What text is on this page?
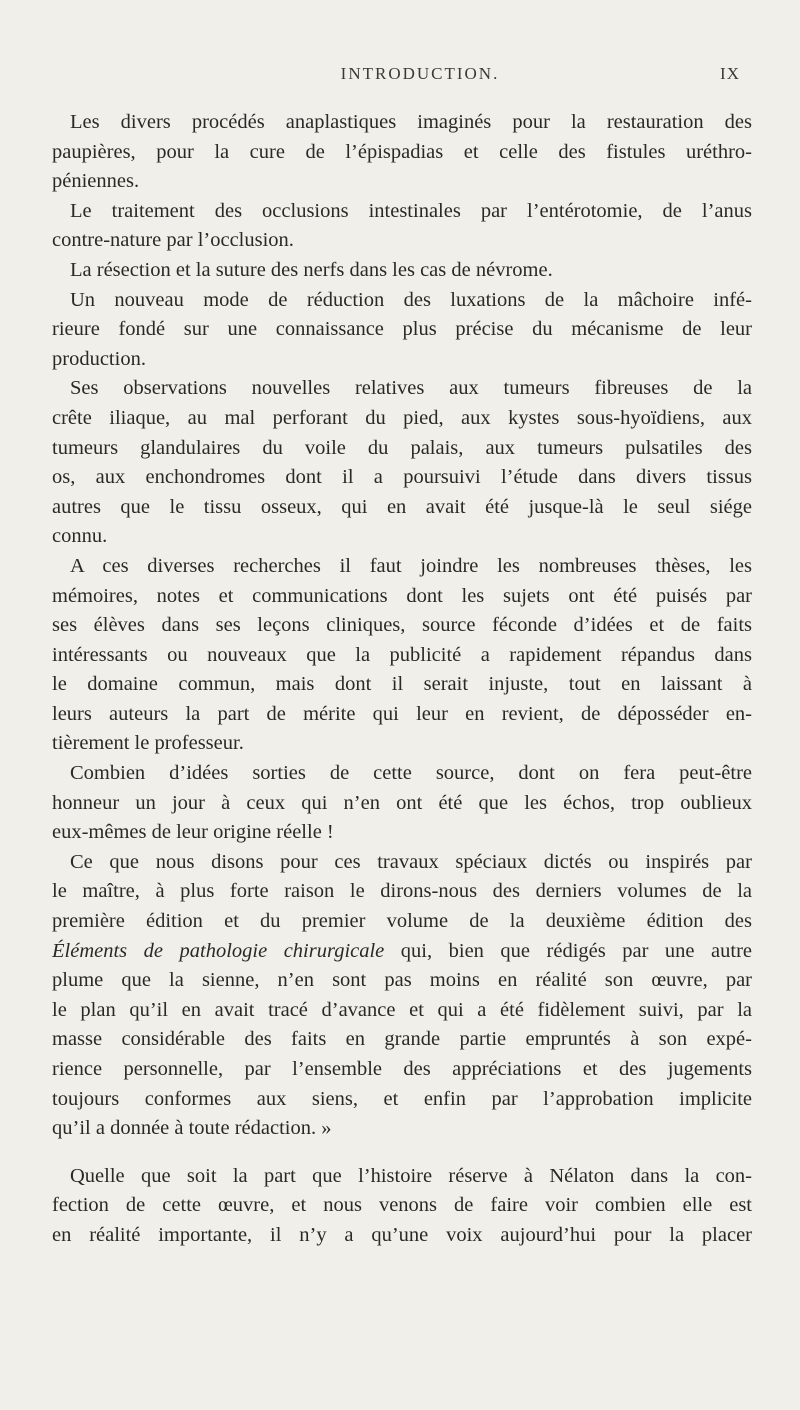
INTRODUCTION.	IX
Les divers procédés anaplastiques imaginés pour la restauration des
paupières, pour la cure de l’épispadias et celle des fistules uréthro-
péniennes.
Le traitement des occlusions intestinales par l’entérotomie, de l’anus
contre-nature par l’occlusion.
La résection et la suture des nerfs dans les cas de névrome.
Un nouveau mode de réduction des luxations de la mâchoire infé-
rieure fondé sur une connaissance plus précise du mécanisme de leur
production.
Ses observations nouvelles relatives aux tumeurs fibreuses de la
crête iliaque, au mal perforant du pied, aux kystes sous-hyoïdiens, aux
tumeurs glandulaires du voile du palais, aux tumeurs pulsatiles des
os, aux enchondromes dont il a poursuivi l’étude dans divers tissus
autres que le tissu osseux, qui en avait été jusque-là le seul siége
connu.
A ces diverses recherches il faut joindre les nombreuses thèses, les
mémoires, notes et communications dont les sujets ont été puisés par
ses élèves dans ses leçons cliniques, source féconde d’idées et de faits
intéressants ou nouveaux que la publicité a rapidement répandus dans
le domaine commun, mais dont il serait injuste, tout en laissant à
leurs auteurs la part de mérite qui leur en revient, de déposséder en-
tièrement le professeur.
Combien d’idées sorties de cette source, dont on fera peut-être
honneur un jour à ceux qui n’en ont été que les échos, trop oublieux
eux-mêmes de leur origine réelle !
Ce que nous disons pour ces travaux spéciaux dictés ou inspirés par
le maître, à plus forte raison le dirons-nous des derniers volumes de la
première édition et du premier volume de la deuxième édition des
Éléments de pathologie chirurgicale qui, bien que rédigés par une autre
plume que la sienne, n’en sont pas moins en réalité son œuvre, par
le plan qu’il en avait tracé d’avance et qui a été fidèlement suivi, par la
masse considérable des faits en grande partie empruntés à son expé-
rience personnelle, par l’ensemble des appréciations et des jugements
toujours conformes aux siens, et enfin par l’approbation implicite
qu’il a donnée à toute rédaction. »
Quelle que soit la part que l’histoire réserve à Nélaton dans la con-
fection de cette œuvre, et nous venons de faire voir combien elle est
en réalité importante, il n’y a qu’une voix aujourd’hui pour la placer
